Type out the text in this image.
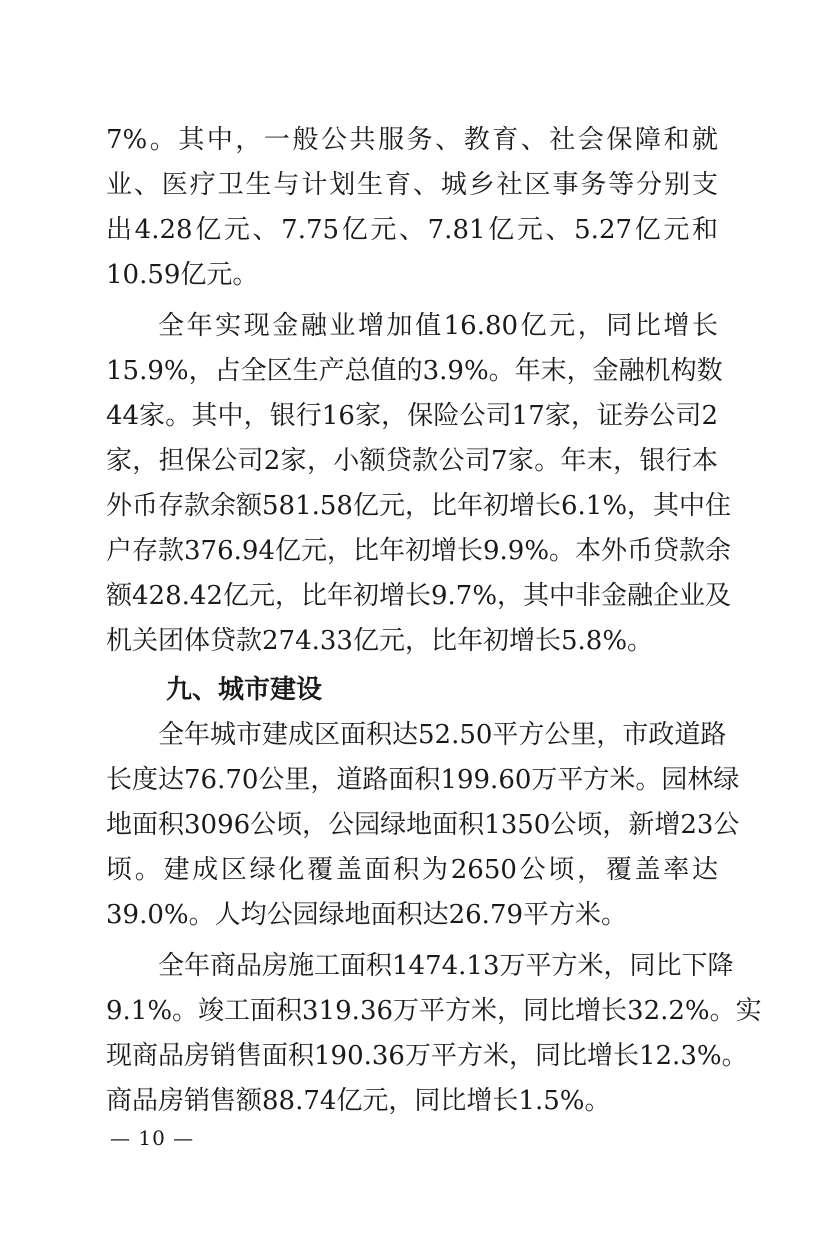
7%。其中，一般公共服务、教育、社会保障和就
业、医疗卫生与计划生育、城乡社区事务等分别支
出4.28亿元、7.75亿元、7.81亿元、5.27亿元和
10.59亿元。
全年实现金融业增加值16.80亿元，同比增长
15.9%，占全区生产总值的3.9%。年末，金融机构数
44家。其中，银行16家，保险公司17家，证券公司2
家，担保公司2家，小额贷款公司7家。年末，银行本
外币存款余额581.58亿元，比年初增长6.1%，其中住
户存款376.94亿元，比年初增长9.9%。本外币贷款余
额428.42亿元，比年初增长9.7%，其中非金融企业及
机关团体贷款274.33亿元，比年初增长5.8%。
九、城市建设
全年城市建成区面积达52.50平方公里，市政道路
长度达76.70公里，道路面积199.60万平方米。园林绿
地面积3096公顷，公园绿地面积1350公顷，新增23公
顷。建成区绿化覆盖面积为2650公顷，覆盖率达
39.0%。人均公园绿地面积达26.79平方米。
全年商品房施工面积1474.13万平方米，同比下降
9.1%。竣工面积319.36万平方米，同比增长32.2%。实
现商品房销售面积190.36万平方米，同比增长12.3%。
商品房销售额88.74亿元，同比增长1.5%。
— 10 —
